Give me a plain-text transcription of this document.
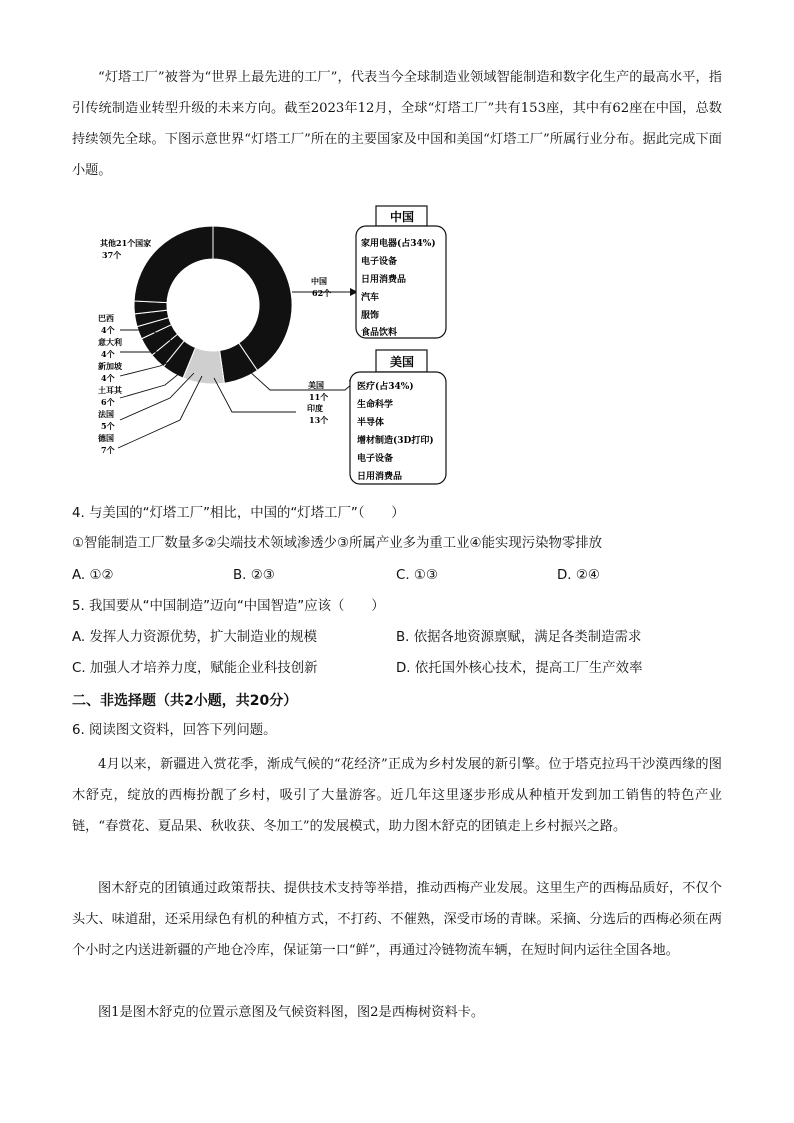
“灯塔工厂”被誉为“世界上最先进的工厂”，代表当今全球制造业领域智能制造和数字化生产的最高水平，指引传统制造业转型升级的未来方向。截至2023年12月，全球“灯塔工厂”共有153座，其中有62座在中国，总数持续领先全球。下图示意世界“灯塔工厂”所在的主要国家及中国和美国“灯塔工厂”所属行业分布。据此完成下面小题。
其他21个国家
37个
巴西
4个
意大利
4个
新加坡
4个
土耳其
6个
法国
5个
德国
7个
中国
62个
美国
11个
印度
13个
中国
家用电器(占34%)
电子设备
日用消费品
汽车
服饰
食品饮料
美国
医疗(占34%)
生命科学
半导体
增材制造(3D打印)
电子设备
日用消费品
4. 与美国的“灯塔工厂”相比，中国的“灯塔工厂”（　　）
①智能制造工厂数量多②尖端技术领域渗透少③所属产业多为重工业④能实现污染物零排放
A. ①②	B. ②③	C. ①③	D. ②④
5. 我国要从“中国制造”迈向“中国智造”应该（　　）
A. 发挥人力资源优势，扩大制造业的规模	B. 依据各地资源禀赋，满足各类制造需求
C. 加强人才培养力度，赋能企业科技创新	D. 依托国外核心技术，提高工厂生产效率
二、非选择题（共2小题，共20分）
6. 阅读图文资料，回答下列问题。
4月以来，新疆进入赏花季，渐成气候的“花经济”正成为乡村发展的新引擎。位于塔克拉玛干沙漠西缘的图木舒克，绽放的西梅扮靓了乡村，吸引了大量游客。近几年这里逐步形成从种植开发到加工销售的特色产业链，“春赏花、夏品果、秋收获、冬加工”的发展模式，助力图木舒克的团镇走上乡村振兴之路。
图木舒克的团镇通过政策帮扶、提供技术支持等举措，推动西梅产业发展。这里生产的西梅品质好，不仅个头大、味道甜，还采用绿色有机的种植方式，不打药、不催熟，深受市场的青睐。采摘、分选后的西梅必须在两个小时之内送进新疆的产地仓冷库，保证第一口“鲜”，再通过冷链物流车辆，在短时间内运往全国各地。
图1是图木舒克的位置示意图及气候资料图，图2是西梅树资料卡。
